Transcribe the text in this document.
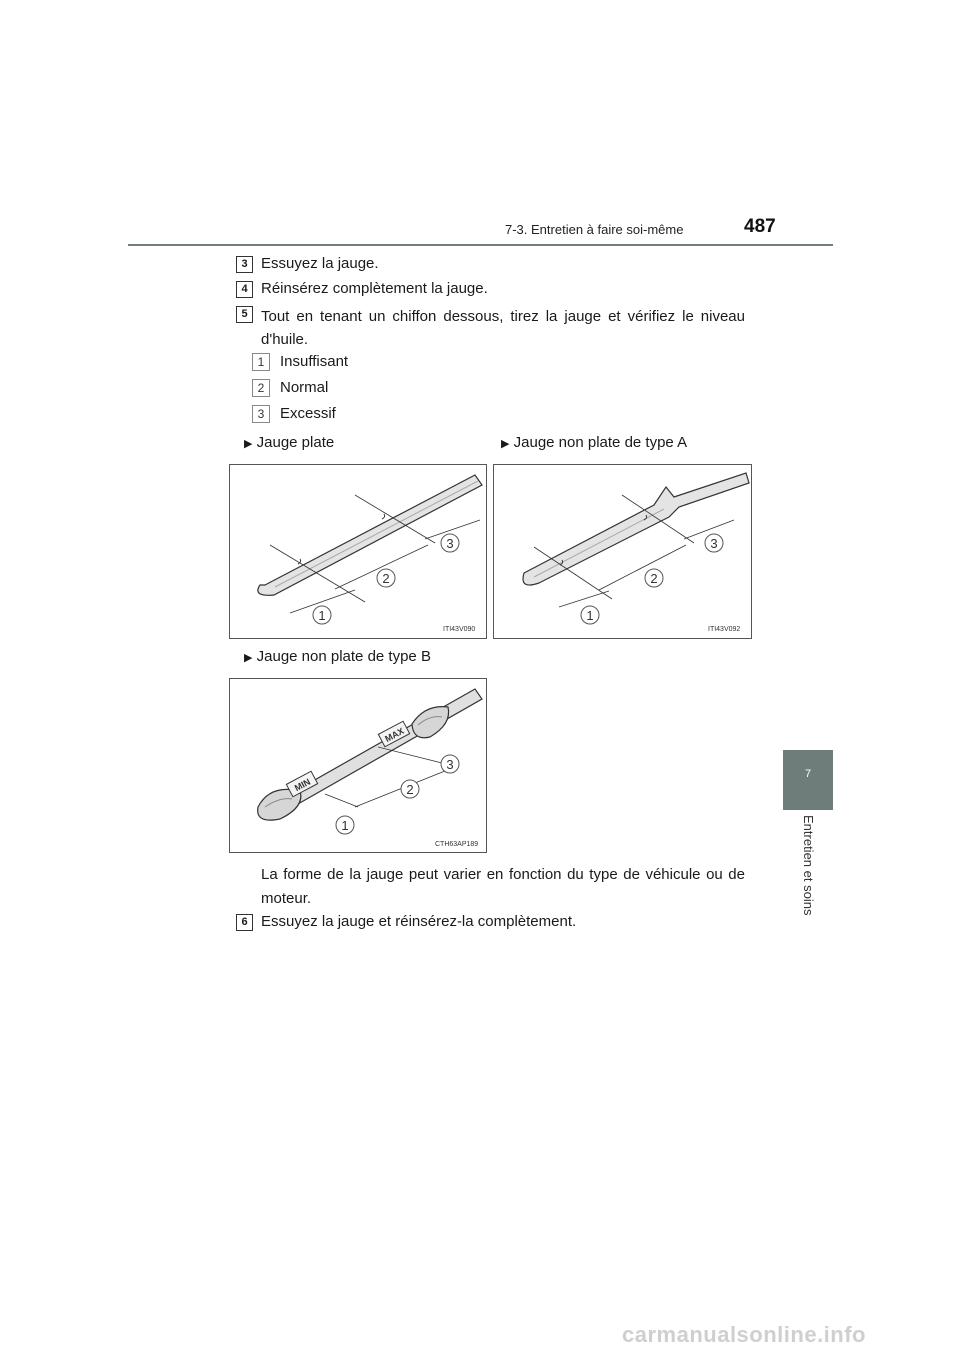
7-3. Entretien à faire soi-même	487
7
Entretien et soins
3 Essuyez la jauge.
4 Réinsérez complètement la jauge.
5 Tout en tenant un chiffon dessous, tirez la jauge et vérifiez le niveau d'huile.
1	Insuffisant
2	Normal
3	Excessif
▶ Jauge plate	▶ Jauge non plate de type A
1
2
3
ITI43V090
1
2
3
ITI43V092
▶ Jauge non plate de type B
MIN
MAX
1
2
3
CTH63AP189
La forme de la jauge peut varier en fonction du type de véhicule ou de moteur.
6 Essuyez la jauge et réinsérez-la complètement.
carmanualsonline.info
